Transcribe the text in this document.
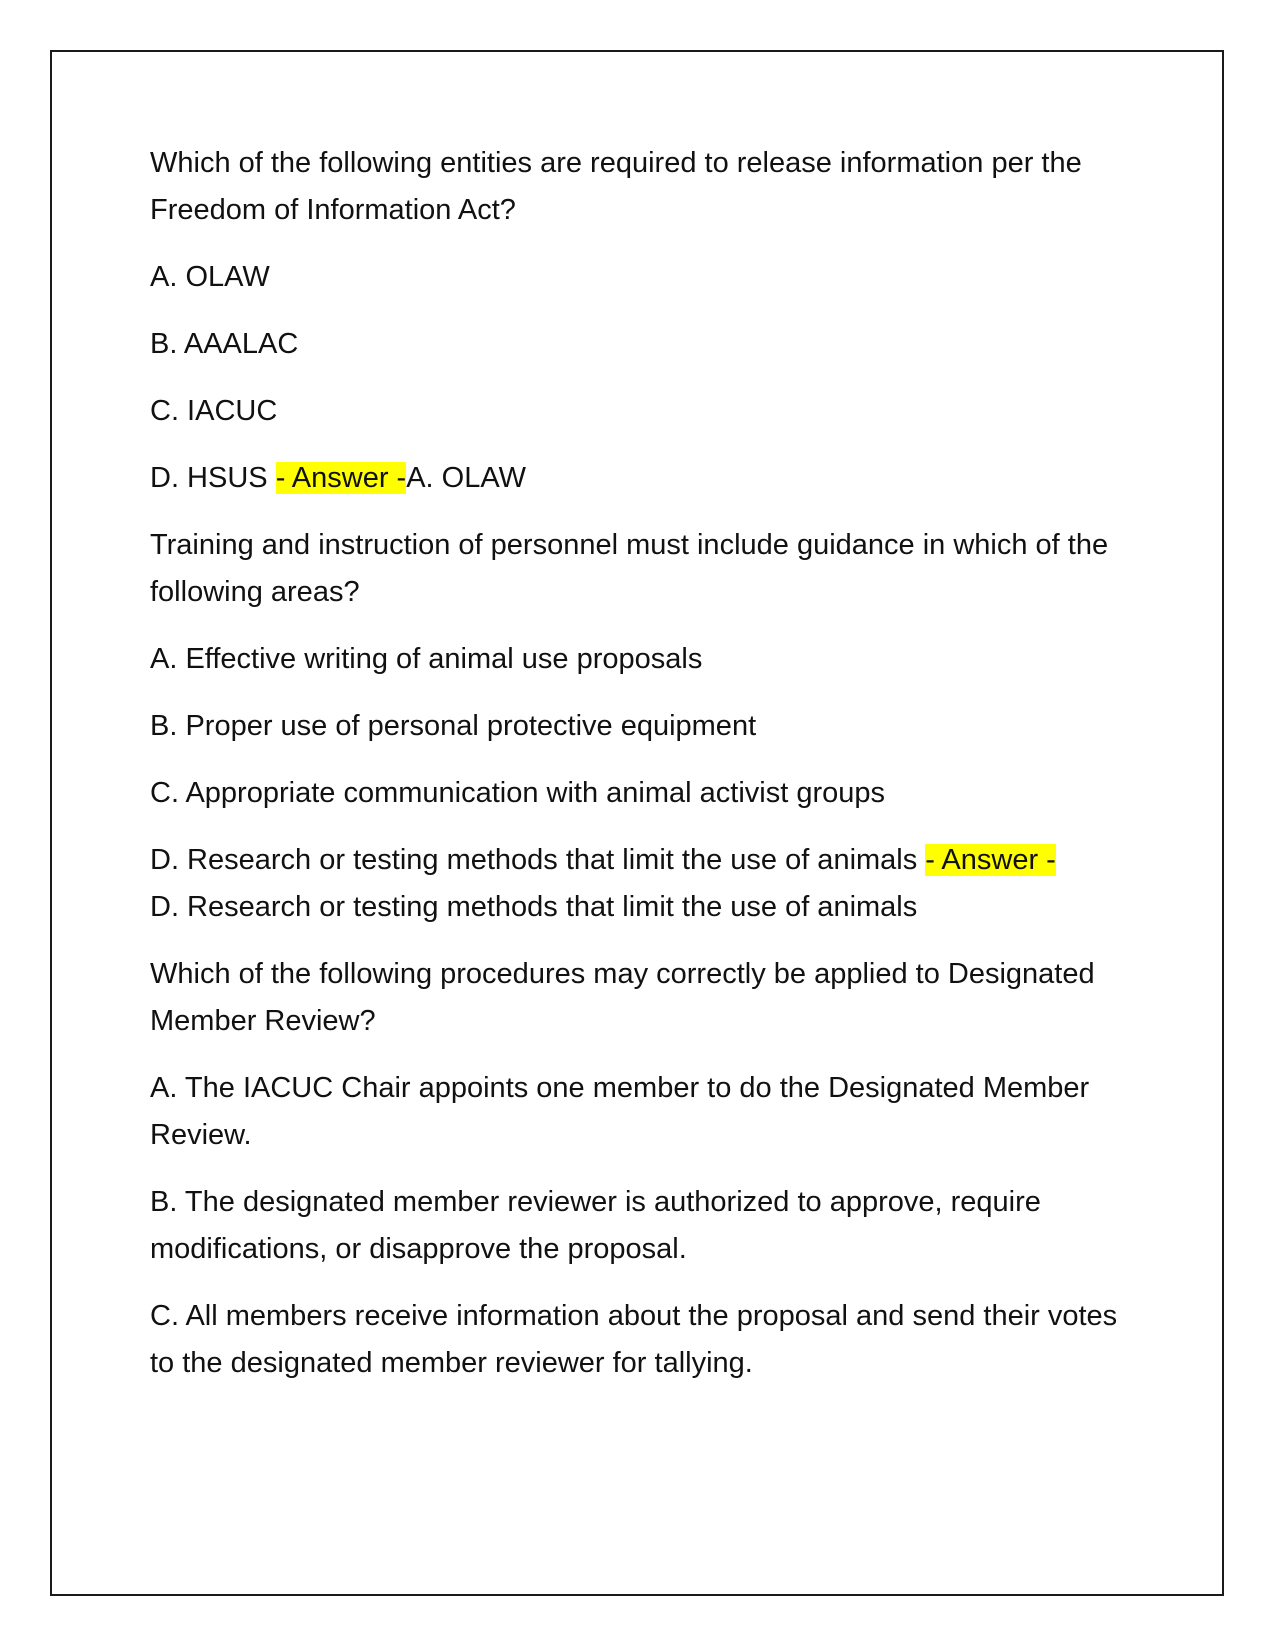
Which of the following entities are required to release information per the Freedom of Information Act?

A. OLAW

B. AAALAC

C. IACUC

D. HSUS - Answer -A. OLAW

Training and instruction of personnel must include guidance in which of the following areas?

A. Effective writing of animal use proposals

B. Proper use of personal protective equipment

C. Appropriate communication with animal activist groups

D. Research or testing methods that limit the use of animals - Answer -
D. Research or testing methods that limit the use of animals

Which of the following procedures may correctly be applied to Designated Member Review?

A. The IACUC Chair appoints one member to do the Designated Member Review.

B. The designated member reviewer is authorized to approve, require modifications, or disapprove the proposal.

C. All members receive information about the proposal and send their votes to the designated member reviewer for tallying.
